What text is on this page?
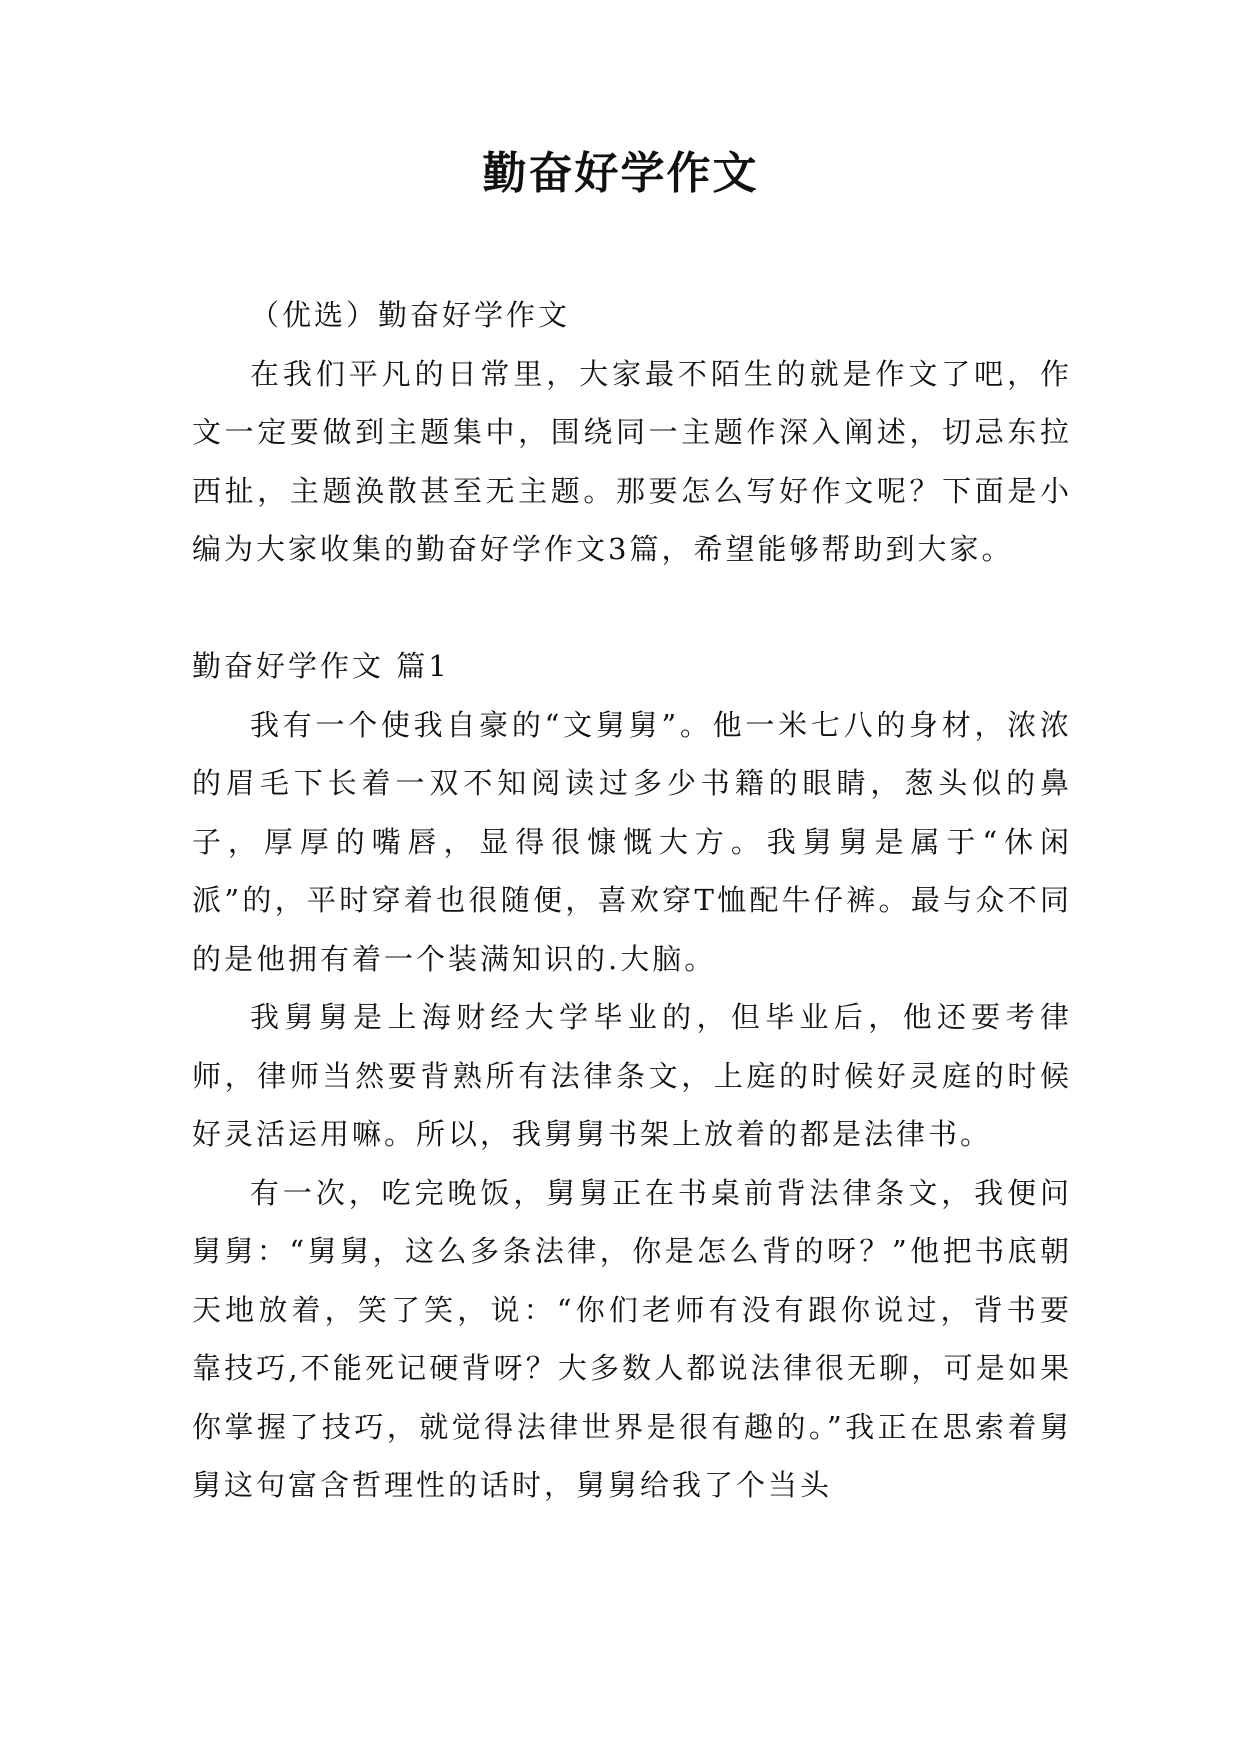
勤奋好学作文

（优选）勤奋好学作文

在我们平凡的日常里，大家最不陌生的就是作文了吧，作文一定要做到主题集中，围绕同一主题作深入阐述，切忌东拉西扯，主题涣散甚至无主题。那要怎么写好作文呢？下面是小编为大家收集的勤奋好学作文3篇，希望能够帮助到大家。

勤奋好学作文 篇1

我有一个使我自豪的“文舅舅”。他一米七八的身材，浓浓的眉毛下长着一双不知阅读过多少书籍的眼睛，葱头似的鼻子，厚厚的嘴唇，显得很慷慨大方。我舅舅是属于“休闲派”的，平时穿着也很随便，喜欢穿T恤配牛仔裤。最与众不同的是他拥有着一个装满知识的.大脑。

我舅舅是上海财经大学毕业的，但毕业后，他还要考律师，律师当然要背熟所有法律条文，上庭的时候好灵庭的时候好灵活运用嘛。所以，我舅舅书架上放着的都是法律书。

有一次，吃完晚饭，舅舅正在书桌前背法律条文，我便问舅舅：“舅舅，这么多条法律，你是怎么背的呀？”他把书底朝天地放着，笑了笑，说：“你们老师有没有跟你说过，背书要靠技巧,不能死记硬背呀？大多数人都说法律很无聊，可是如果你掌握了技巧，就觉得法律世界是很有趣的。”我正在思索着舅舅这句富含哲理性的话时，舅舅给我了个当头
